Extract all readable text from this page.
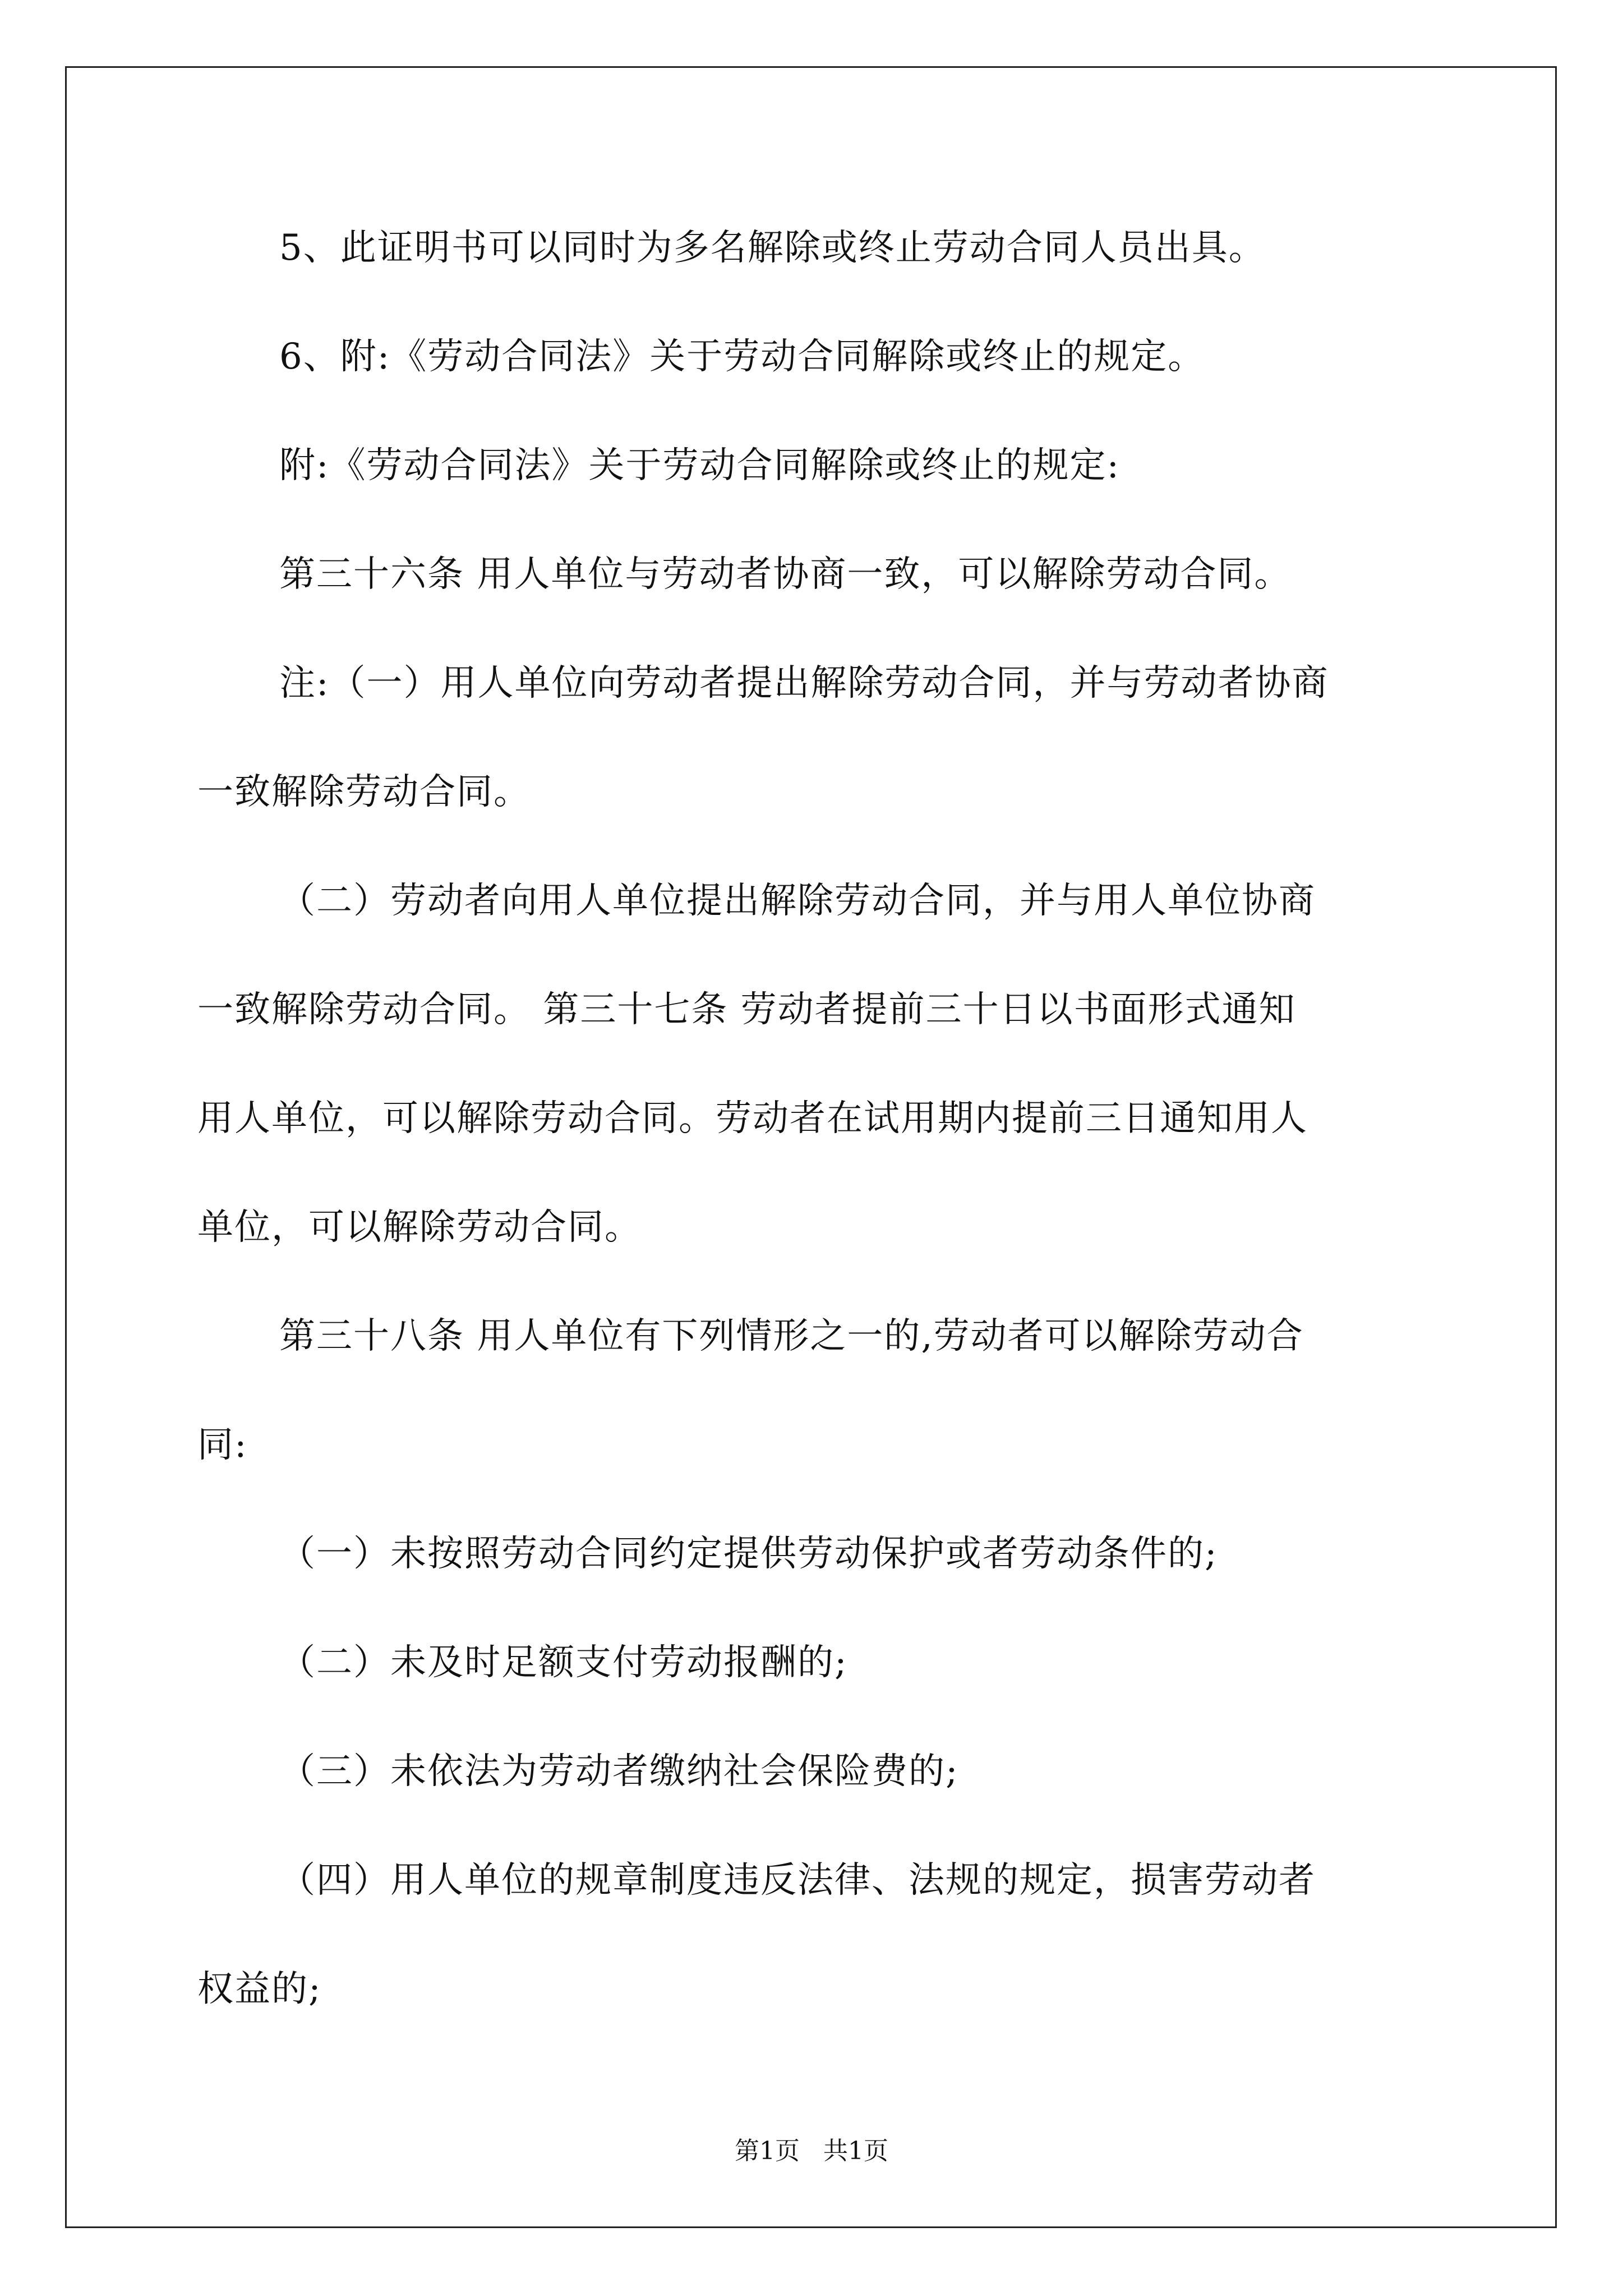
5、此证明书可以同时为多名解除或终止劳动合同人员出具。
6、附:《劳动合同法》关于劳动合同解除或终止的规定。
附:《劳动合同法》关于劳动合同解除或终止的规定:
第三十六条 用人单位与劳动者协商一致，可以解除劳动合同。
注:（一）用人单位向劳动者提出解除劳动合同，并与劳动者协商
一致解除劳动合同。
（二）劳动者向用人单位提出解除劳动合同，并与用人单位协商
一致解除劳动合同。 第三十七条 劳动者提前三十日以书面形式通知
用人单位，可以解除劳动合同。劳动者在试用期内提前三日通知用人
单位，可以解除劳动合同。
第三十八条 用人单位有下列情形之一的,劳动者可以解除劳动合
同:
（一）未按照劳动合同约定提供劳动保护或者劳动条件的;
（二）未及时足额支付劳动报酬的;
（三）未依法为劳动者缴纳社会保险费的;
（四）用人单位的规章制度违反法律、法规的规定，损害劳动者
权益的;
第1页 共1页
